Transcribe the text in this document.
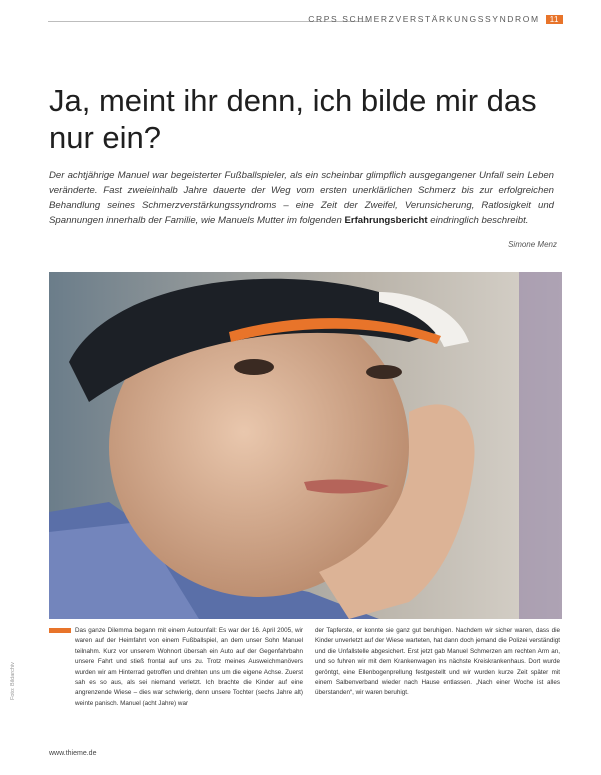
CRPS SCHMERZVERSTÄRKUNGSSYNDROM 11
Ja, meint ihr denn, ich bilde mir das nur ein?

Der achtjährige Manuel war begeisterter Fußballspieler, als ein scheinbar glimpflich ausgegangener Unfall sein Leben veränderte. Fast zweieinhalb Jahre dauerte der Weg vom ersten unerklärlichen Schmerz bis zur erfolgreichen Behandlung seines Schmerzverstärkungssyndroms – eine Zeit der Zweifel, Verunsicherung, Ratlosigkeit und Spannungen innerhalb der Familie, wie Manuels Mutter im folgenden Erfahrungsbericht eindringlich beschreibt.

Simone Menz

Das ganze Dilemma begann mit einem Autounfall: Es war der 16. April 2005, wir waren auf der Heimfahrt von einem Fußballspiel, an dem unser Sohn Manuel teilnahm. Kurz vor unserem Wohnort übersah ein Auto auf der Gegenfahrbahn unsere Fahrt und stieß frontal auf uns zu. Trotz meines Ausweichmanövers wurden wir am Hinterrad getroffen und drehten uns um die eigene Achse. Zuerst sah es so aus, als sei niemand verletzt. Ich brachte die Kinder auf eine angrenzende Wiese – dies war schwierig, denn unsere Tochter (sechs Jahre alt) weinte panisch. Manuel (acht Jahre) war

der Tapferste, er konnte sie ganz gut beruhigen. Nachdem wir sicher waren, dass die Kinder unverletzt auf der Wiese warteten, hat dann doch jemand die Polizei verständigt und die Unfallstelle abgesichert. Erst jetzt gab Manuel Schmerzen am rechten Arm an, und so fuhren wir mit dem Krankenwagen ins nächste Kreiskrankenhaus. Dort wurde geröntgt, eine Ellenbogenprellung festgestellt und wir wurden kurze Zeit später mit einem Salbenverband wieder nach Hause entlassen. „Nach einer Woche ist alles überstanden“, wir waren beruhigt.

Foto: Bildarchiv
www.thieme.de
